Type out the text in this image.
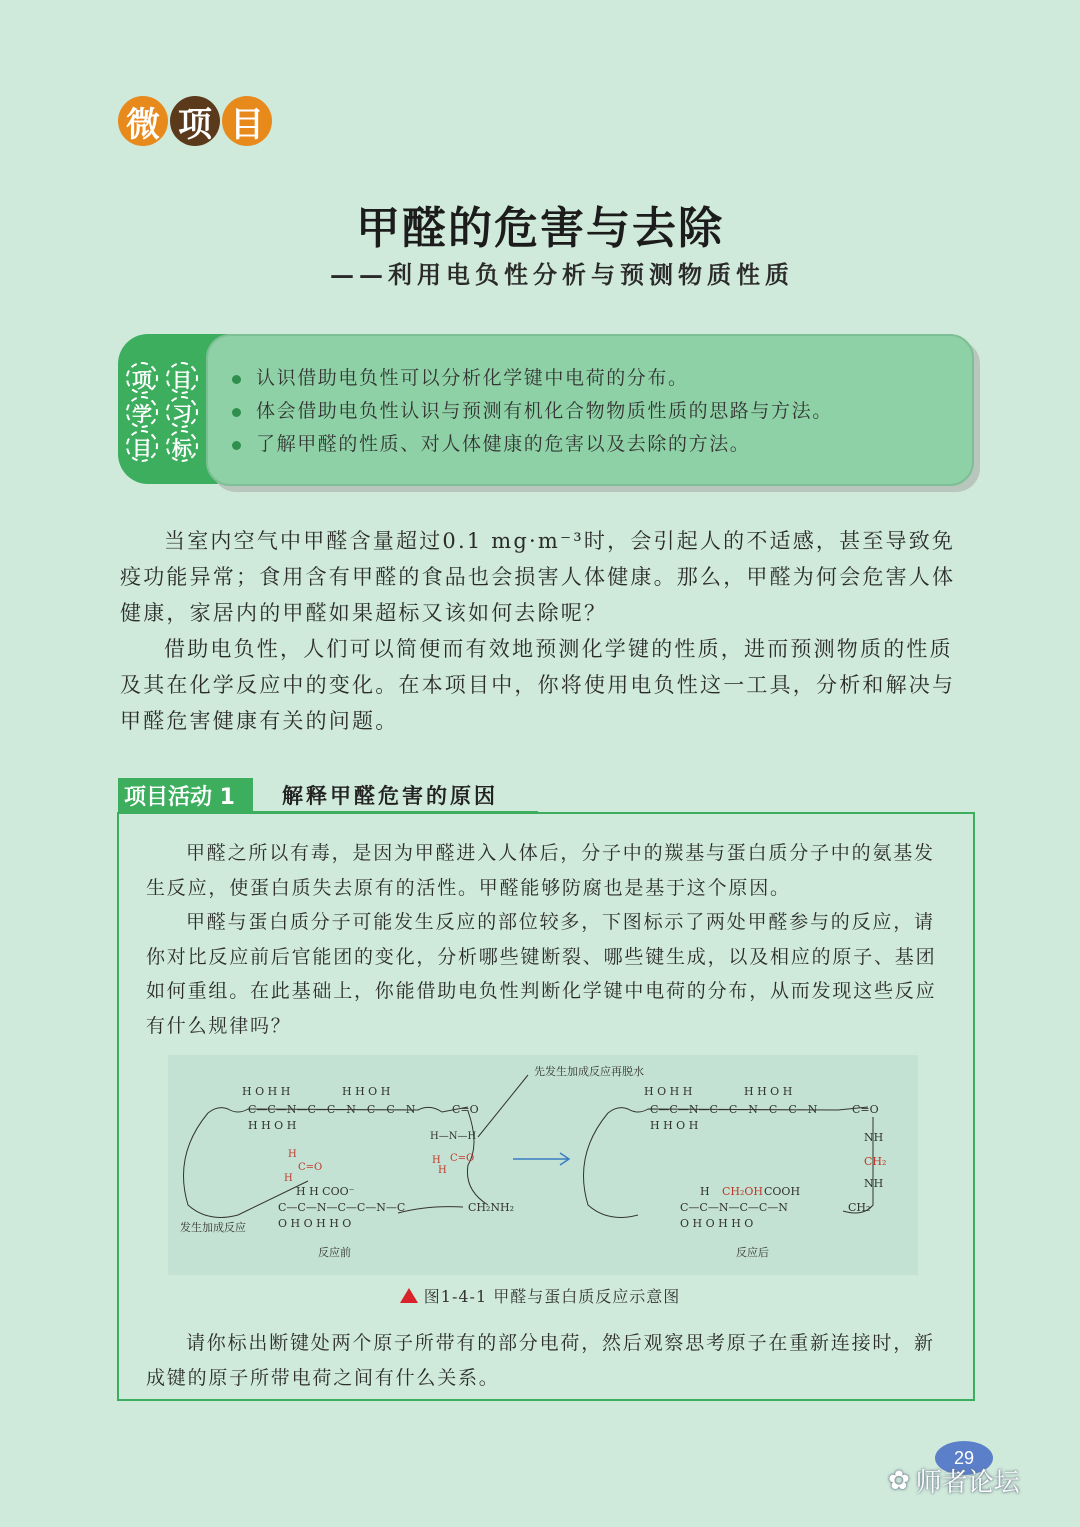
微 项 目
甲醛的危害与去除
——利用电负性分析与预测物质性质
项	目
学	习
目	标
认识借助电负性可以分析化学键中电荷的分布。
体会借助电负性认识与预测有机化合物物质性质的思路与方法。
了解甲醛的性质、对人体健康的危害以及去除的方法。

当室内空气中甲醛含量超过0.1 mg·m⁻³时，会引起人的不适感，甚至导致免疫功能异常；食用含有甲醛的食品也会损害人体健康。那么，甲醛为何会危害人体健康，家居内的甲醛如果超标又该如何去除呢？

借助电负性，人们可以简便而有效地预测化学键的性质，进而预测物质的性质及其在化学反应中的变化。在本项目中，你将使用电负性这一工具，分析和解决与甲醛危害健康有关的问题。

项目活动 1	解释甲醛危害的原因

甲醛之所以有毒，是因为甲醛进入人体后，分子中的羰基与蛋白质分子中的氨基发生反应，使蛋白质失去原有的活性。甲醛能够防腐也是基于这个原因。

甲醛与蛋白质分子可能发生反应的部位较多，下图标示了两处甲醛参与的反应，请你对比反应前后官能团的变化，分析哪些键断裂、哪些键生成，以及相应的原子、基团如何重组。在此基础上，你能借助电负性判断化学键中电荷的分布，从而发现这些反应有什么规律吗？

H O H H	H H O H
C—C—N—C—C—N—C—C—N
H H O H
C=O
H
C=O
H
H C=O
H
H—N—H
H H COO⁻
C—C—N—C—C—N—C	CH₂NH₂
O H O H H O
先发生加成反应再脱水
发生加成反应
反应前
H O H H	H H O H
C—C—N—C—C—N—C—C—N
H H O H
C=O
NH
NH
H
C—C—N—C—C—N	CH₂
O H O H H O
CH₂
CH₂OH COOH
反应后
图1-4-1 甲醛与蛋白质反应示意图

请你标出断键处两个原子所带有的部分电荷，然后观察思考原子在重新连接时，新成键的原子所带电荷之间有什么关系。

29
✿ 师者论坛
